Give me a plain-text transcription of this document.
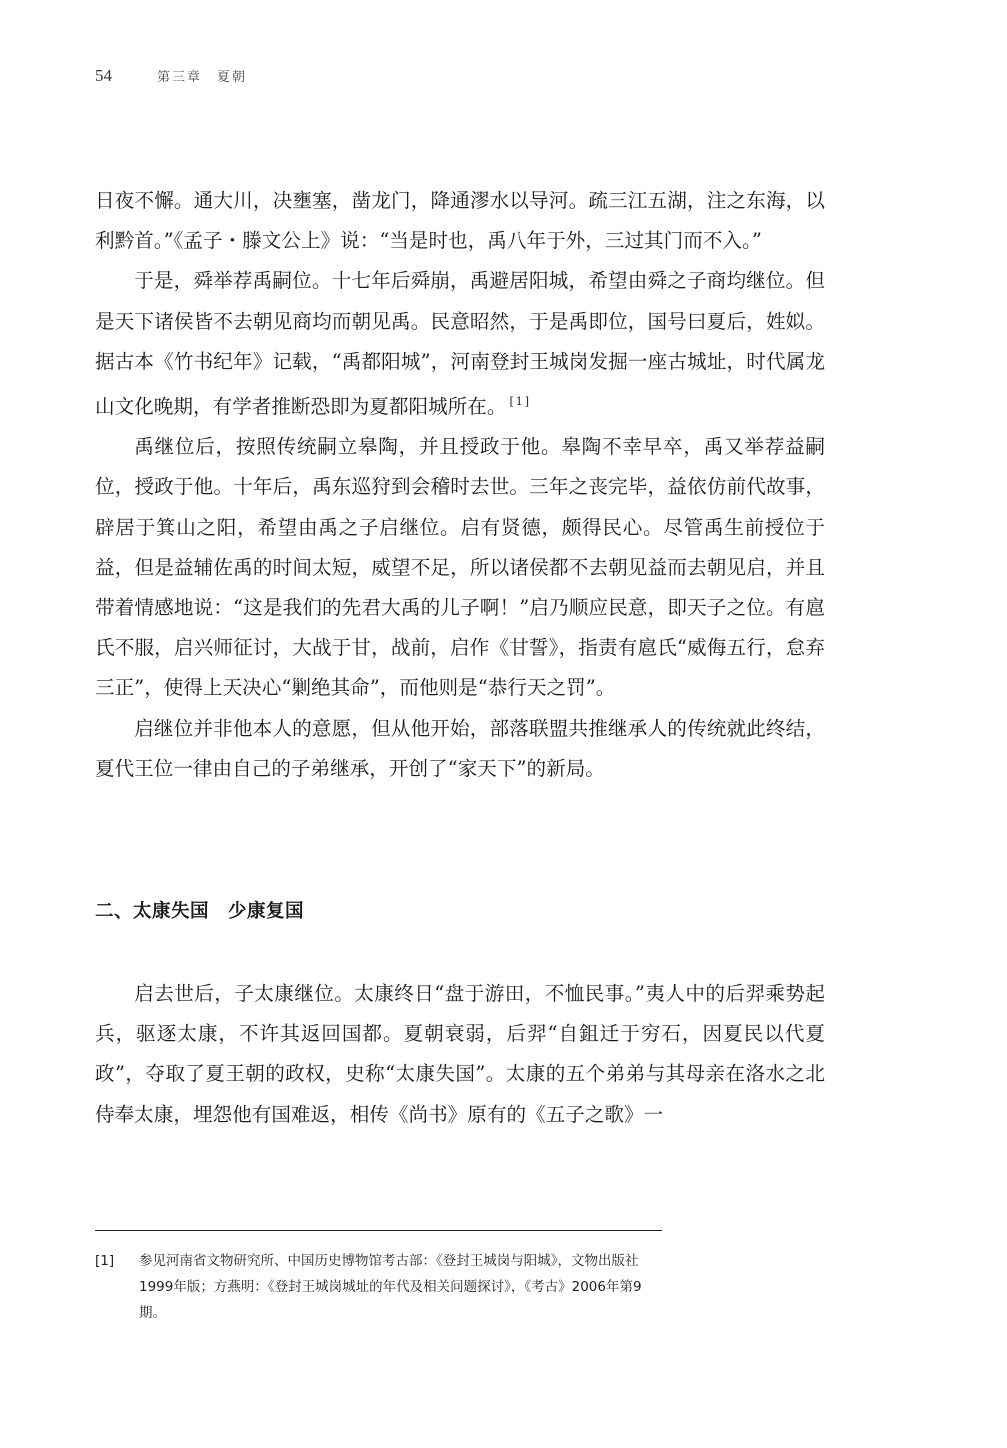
54	第三章　夏朝

日夜不懈。通大川，决壅塞，凿龙门，降通漻水以导河。疏三江五湖，注之东海，以利黔首。”《孟子・滕文公上》说：“当是时也，禹八年于外，三过其门而不入。”

于是，舜举荐禹嗣位。十七年后舜崩，禹避居阳城，希望由舜之子商均继位。但是天下诸侯皆不去朝见商均而朝见禹。民意昭然，于是禹即位，国号曰夏后，姓姒。据古本《竹书纪年》记载，“禹都阳城”，河南登封王城岗发掘一座古城址，时代属龙山文化晚期，有学者推断恐即为夏都阳城所在。 [1]

禹继位后，按照传统嗣立皋陶，并且授政于他。皋陶不幸早卒，禹又举荐益嗣位，授政于他。十年后，禹东巡狩到会稽时去世。三年之丧完毕，益依仿前代故事，辟居于箕山之阳，希望由禹之子启继位。启有贤德，颇得民心。尽管禹生前授位于益，但是益辅佐禹的时间太短，威望不足，所以诸侯都不去朝见益而去朝见启，并且带着情感地说：“这是我们的先君大禹的儿子啊！”启乃顺应民意，即天子之位。有扈氏不服，启兴师征讨，大战于甘，战前，启作《甘誓》，指责有扈氏“威侮五行，怠弃三正”，使得上天决心“剿绝其命”，而他则是“恭行天之罚”。

启继位并非他本人的意愿，但从他开始，部落联盟共推继承人的传统就此终结，夏代王位一律由自己的子弟继承，开创了“家天下”的新局。

二、太康失国　少康复国

启去世后，子太康继位。太康终日“盘于游田，不恤民事。”夷人中的后羿乘势起兵，驱逐太康，不许其返回国都。夏朝衰弱，后羿“自鉏迁于穷石，因夏民以代夏政”，夺取了夏王朝的政权，史称“太康失国”。太康的五个弟弟与其母亲在洛水之北侍奉太康，埋怨他有国难返，相传《尚书》原有的《五子之歌》一

[1]	参见河南省文物研究所、中国历史博物馆考古部：《登封王城岗与阳城》，文物出版社1999年版；方燕明：《登封王城岗城址的年代及相关问题探讨》，《考古》2006年第9期。
